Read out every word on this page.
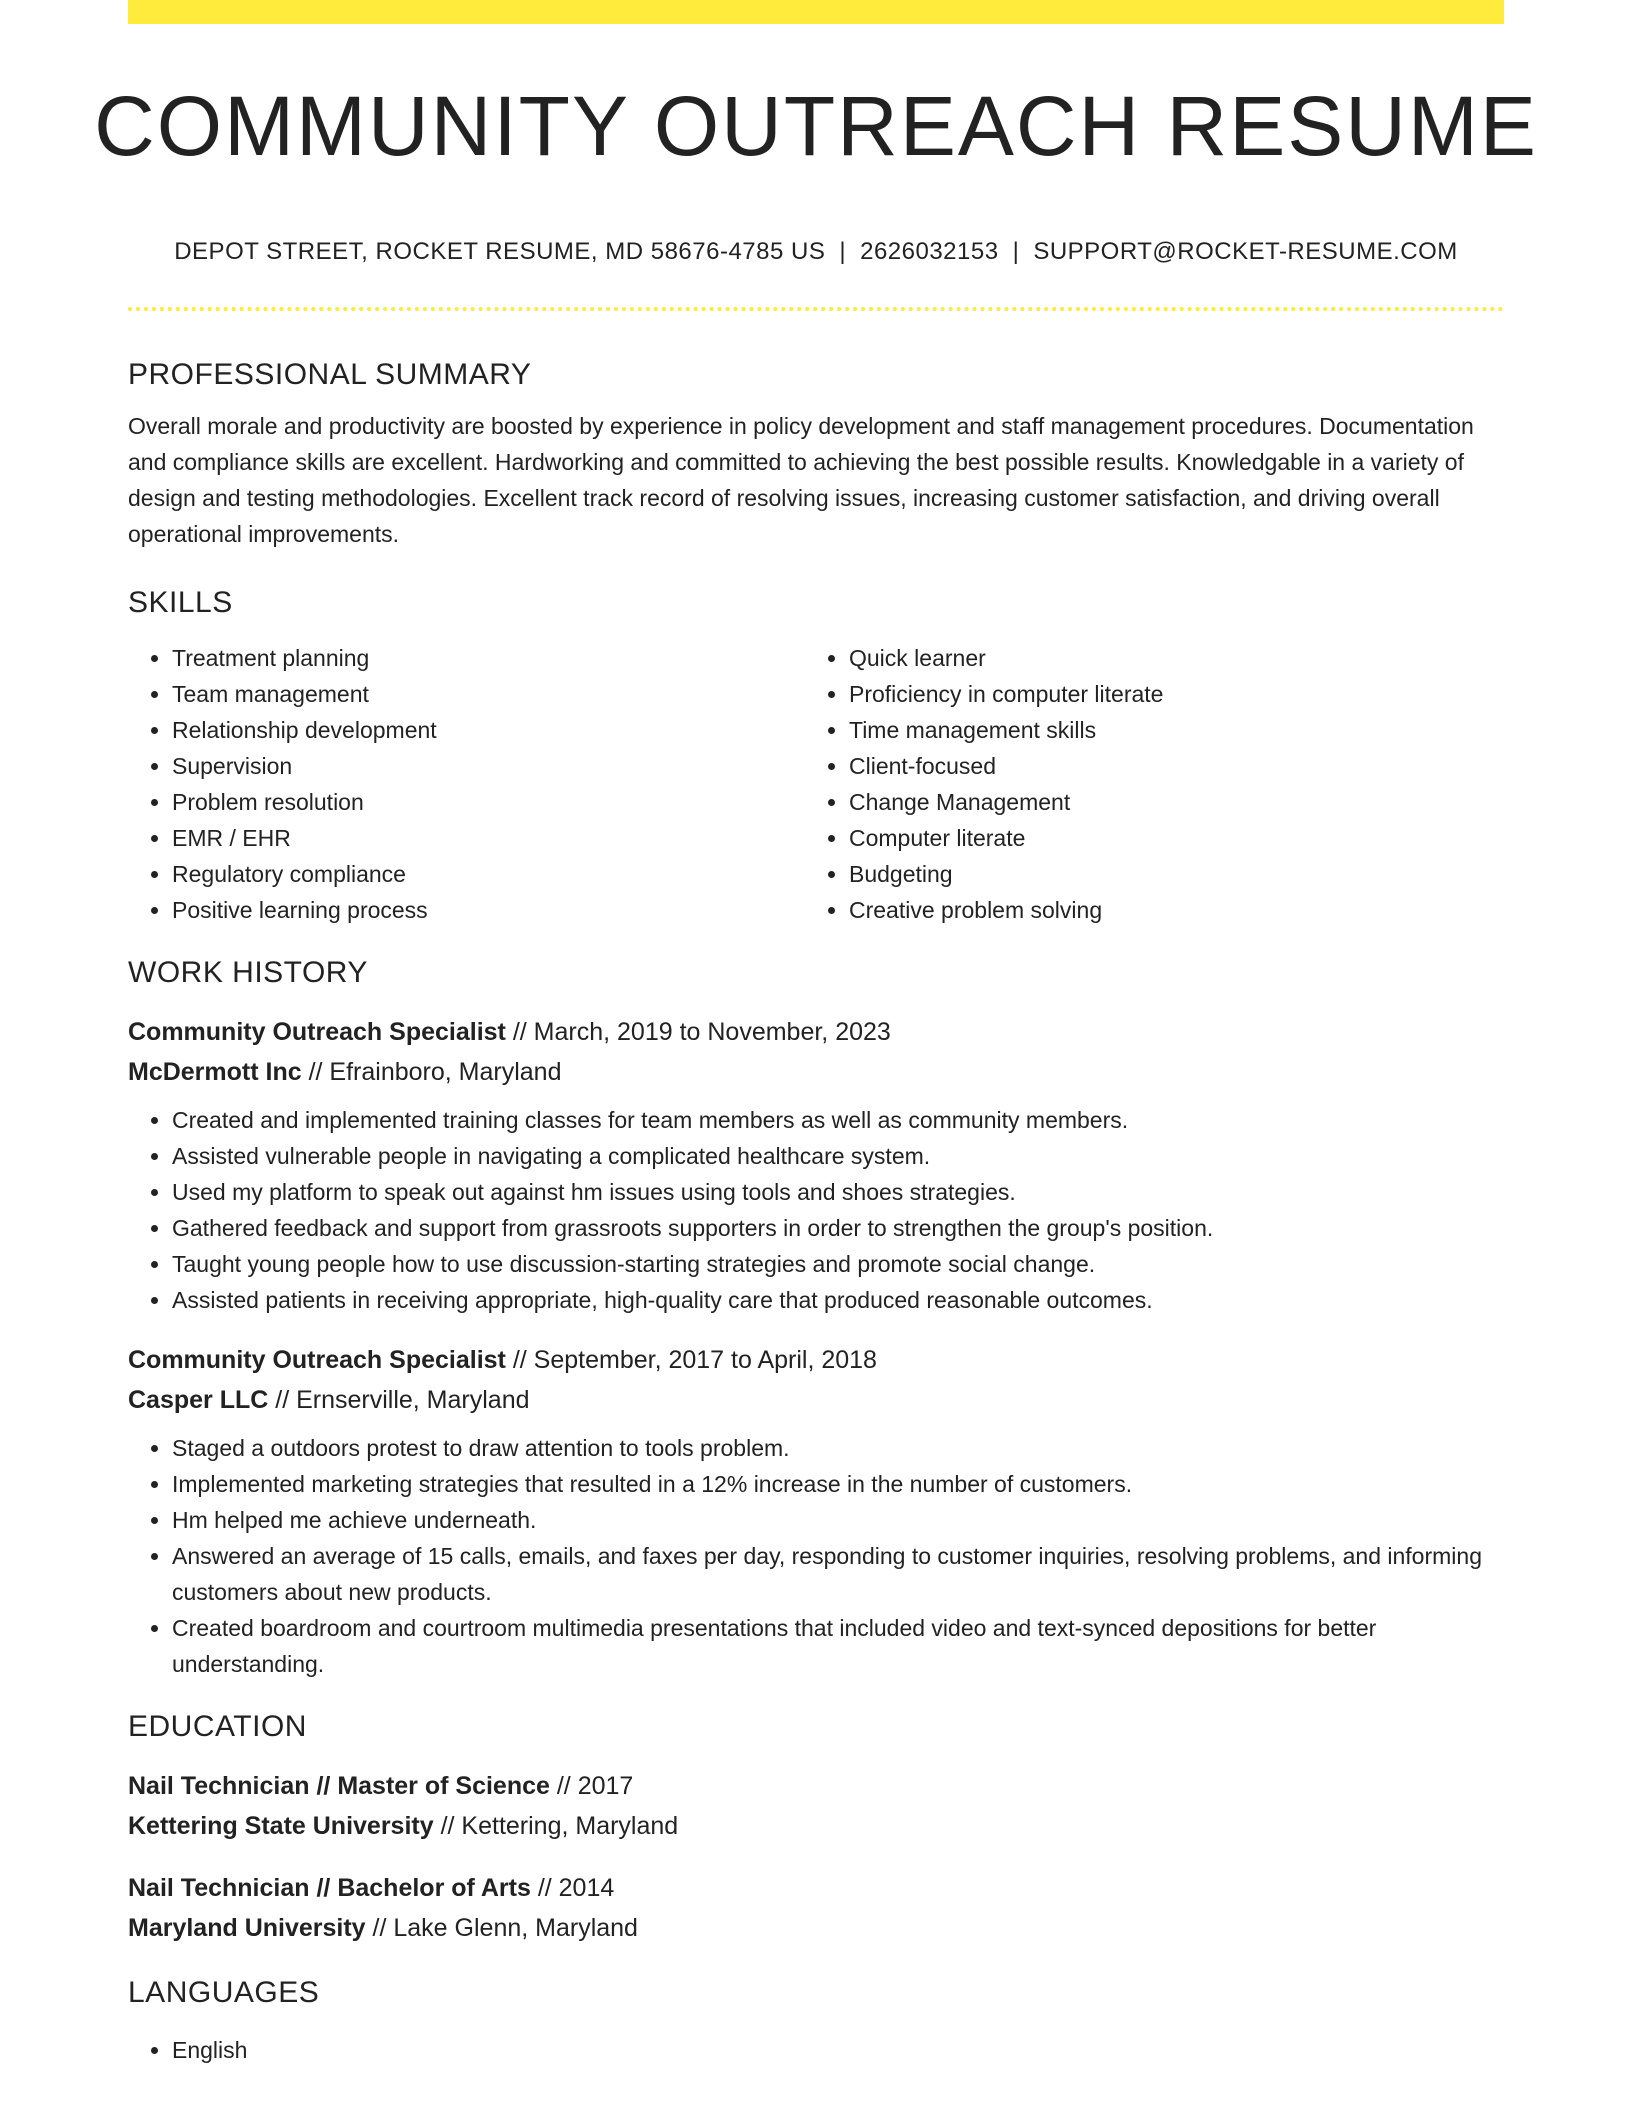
COMMUNITY OUTREACH RESUME
DEPOT STREET, ROCKET RESUME, MD 58676-4785 US | 2626032153 | SUPPORT@ROCKET-RESUME.COM
PROFESSIONAL SUMMARY

Overall morale and productivity are boosted by experience in policy development and staff management procedures. Documentation and compliance skills are excellent. Hardworking and committed to achieving the best possible results. Knowledgable in a variety of design and testing methodologies. Excellent track record of resolving issues, increasing customer satisfaction, and driving overall operational improvements.

SKILLS
• Treatment planning
• Team management
• Relationship development
• Supervision
• Problem resolution
• EMR / EHR
• Regulatory compliance
• Positive learning process
• Quick learner
• Proficiency in computer literate
• Time management skills
• Client-focused
• Change Management
• Computer literate
• Budgeting
• Creative problem solving
WORK HISTORY
Community Outreach Specialist // March, 2019 to November, 2023
McDermott Inc // Efrainboro, Maryland
• Created and implemented training classes for team members as well as community members.
• Assisted vulnerable people in navigating a complicated healthcare system.
• Used my platform to speak out against hm issues using tools and shoes strategies.
• Gathered feedback and support from grassroots supporters in order to strengthen the group's position.
• Taught young people how to use discussion-starting strategies and promote social change.
• Assisted patients in receiving appropriate, high-quality care that produced reasonable outcomes.
Community Outreach Specialist // September, 2017 to April, 2018
Casper LLC // Ernserville, Maryland
• Staged a outdoors protest to draw attention to tools problem.
• Implemented marketing strategies that resulted in a 12% increase in the number of customers.
• Hm helped me achieve underneath.
• Answered an average of 15 calls, emails, and faxes per day, responding to customer inquiries, resolving problems, and informing customers about new products.
• Created boardroom and courtroom multimedia presentations that included video and text-synced depositions for better understanding.
EDUCATION
Nail Technician // Master of Science // 2017
Kettering State University // Kettering, Maryland
Nail Technician // Bachelor of Arts // 2014
Maryland University // Lake Glenn, Maryland
LANGUAGES
• English
